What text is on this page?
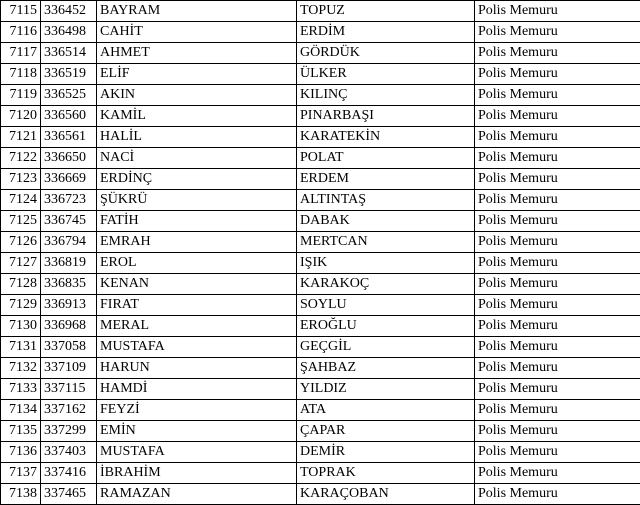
7115	336452	BAYRAM	TOPUZ	Polis Memuru
7116	336498	CAHİT	ERDİM	Polis Memuru
7117	336514	AHMET	GÖRDÜK	Polis Memuru
7118	336519	ELİF	ÜLKER	Polis Memuru
7119	336525	AKIN	KILINÇ	Polis Memuru
7120	336560	KAMİL	PINARBAŞI	Polis Memuru
7121	336561	HALİL	KARATEKİN	Polis Memuru
7122	336650	NACİ	POLAT	Polis Memuru
7123	336669	ERDİNÇ	ERDEM	Polis Memuru
7124	336723	ŞÜKRÜ	ALTINTAŞ	Polis Memuru
7125	336745	FATİH	DABAK	Polis Memuru
7126	336794	EMRAH	MERTCAN	Polis Memuru
7127	336819	EROL	IŞIK	Polis Memuru
7128	336835	KENAN	KARAKOÇ	Polis Memuru
7129	336913	FIRAT	SOYLU	Polis Memuru
7130	336968	MERAL	EROĞLU	Polis Memuru
7131	337058	MUSTAFA	GEÇGİL	Polis Memuru
7132	337109	HARUN	ŞAHBAZ	Polis Memuru
7133	337115	HAMDİ	YILDIZ	Polis Memuru
7134	337162	FEYZİ	ATA	Polis Memuru
7135	337299	EMİN	ÇAPAR	Polis Memuru
7136	337403	MUSTAFA	DEMİR	Polis Memuru
7137	337416	İBRAHİM	TOPRAK	Polis Memuru
7138	337465	RAMAZAN	KARAÇOBAN	Polis Memuru
